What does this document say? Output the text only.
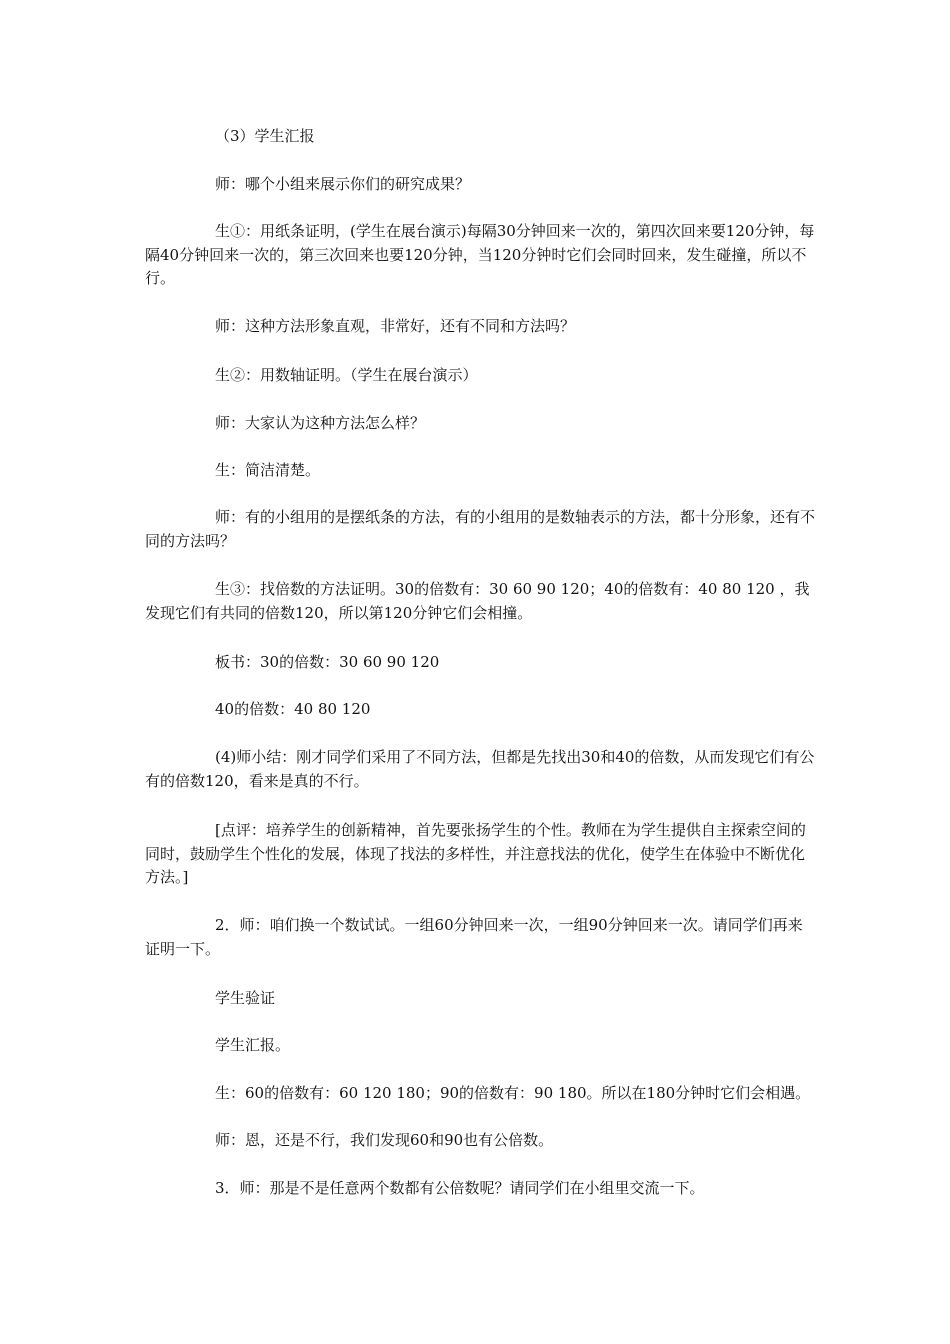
（3）学生汇报

师：哪个小组来展示你们的研究成果？

生①：用纸条证明，(学生在展台演示)每隔30分钟回来一次的，第四次回来要120分钟，每隔40分钟回来一次的，第三次回来也要120分钟，当120分钟时它们会同时回来，发生碰撞，所以不行。

师：这种方法形象直观，非常好，还有不同和方法吗？

生②：用数轴证明。（学生在展台演示）

师：大家认为这种方法怎么样？

生：简洁清楚。

师：有的小组用的是摆纸条的方法，有的小组用的是数轴表示的方法，都十分形象，还有不同的方法吗？

生③：找倍数的方法证明。30的倍数有：30 60 90 120；40的倍数有：40 80 120 ，我发现它们有共同的倍数120，所以第120分钟它们会相撞。

板书：30的倍数：30 60 90 120

40的倍数：40 80 120

(4)师小结：刚才同学们采用了不同方法，但都是先找出30和40的倍数，从而发现它们有公有的倍数120，看来是真的不行。

[点评：培养学生的创新精神，首先要张扬学生的个性。教师在为学生提供自主探索空间的同时，鼓励学生个性化的发展，体现了找法的多样性，并注意找法的优化，使学生在体验中不断优化方法。]

2．师：咱们换一个数试试。一组60分钟回来一次，一组90分钟回来一次。请同学们再来证明一下。

学生验证

学生汇报。

生：60的倍数有：60 120 180；90的倍数有：90 180。所以在180分钟时它们会相遇。

师：恩，还是不行，我们发现60和90也有公倍数。

3．师：那是不是任意两个数都有公倍数呢？请同学们在小组里交流一下。
